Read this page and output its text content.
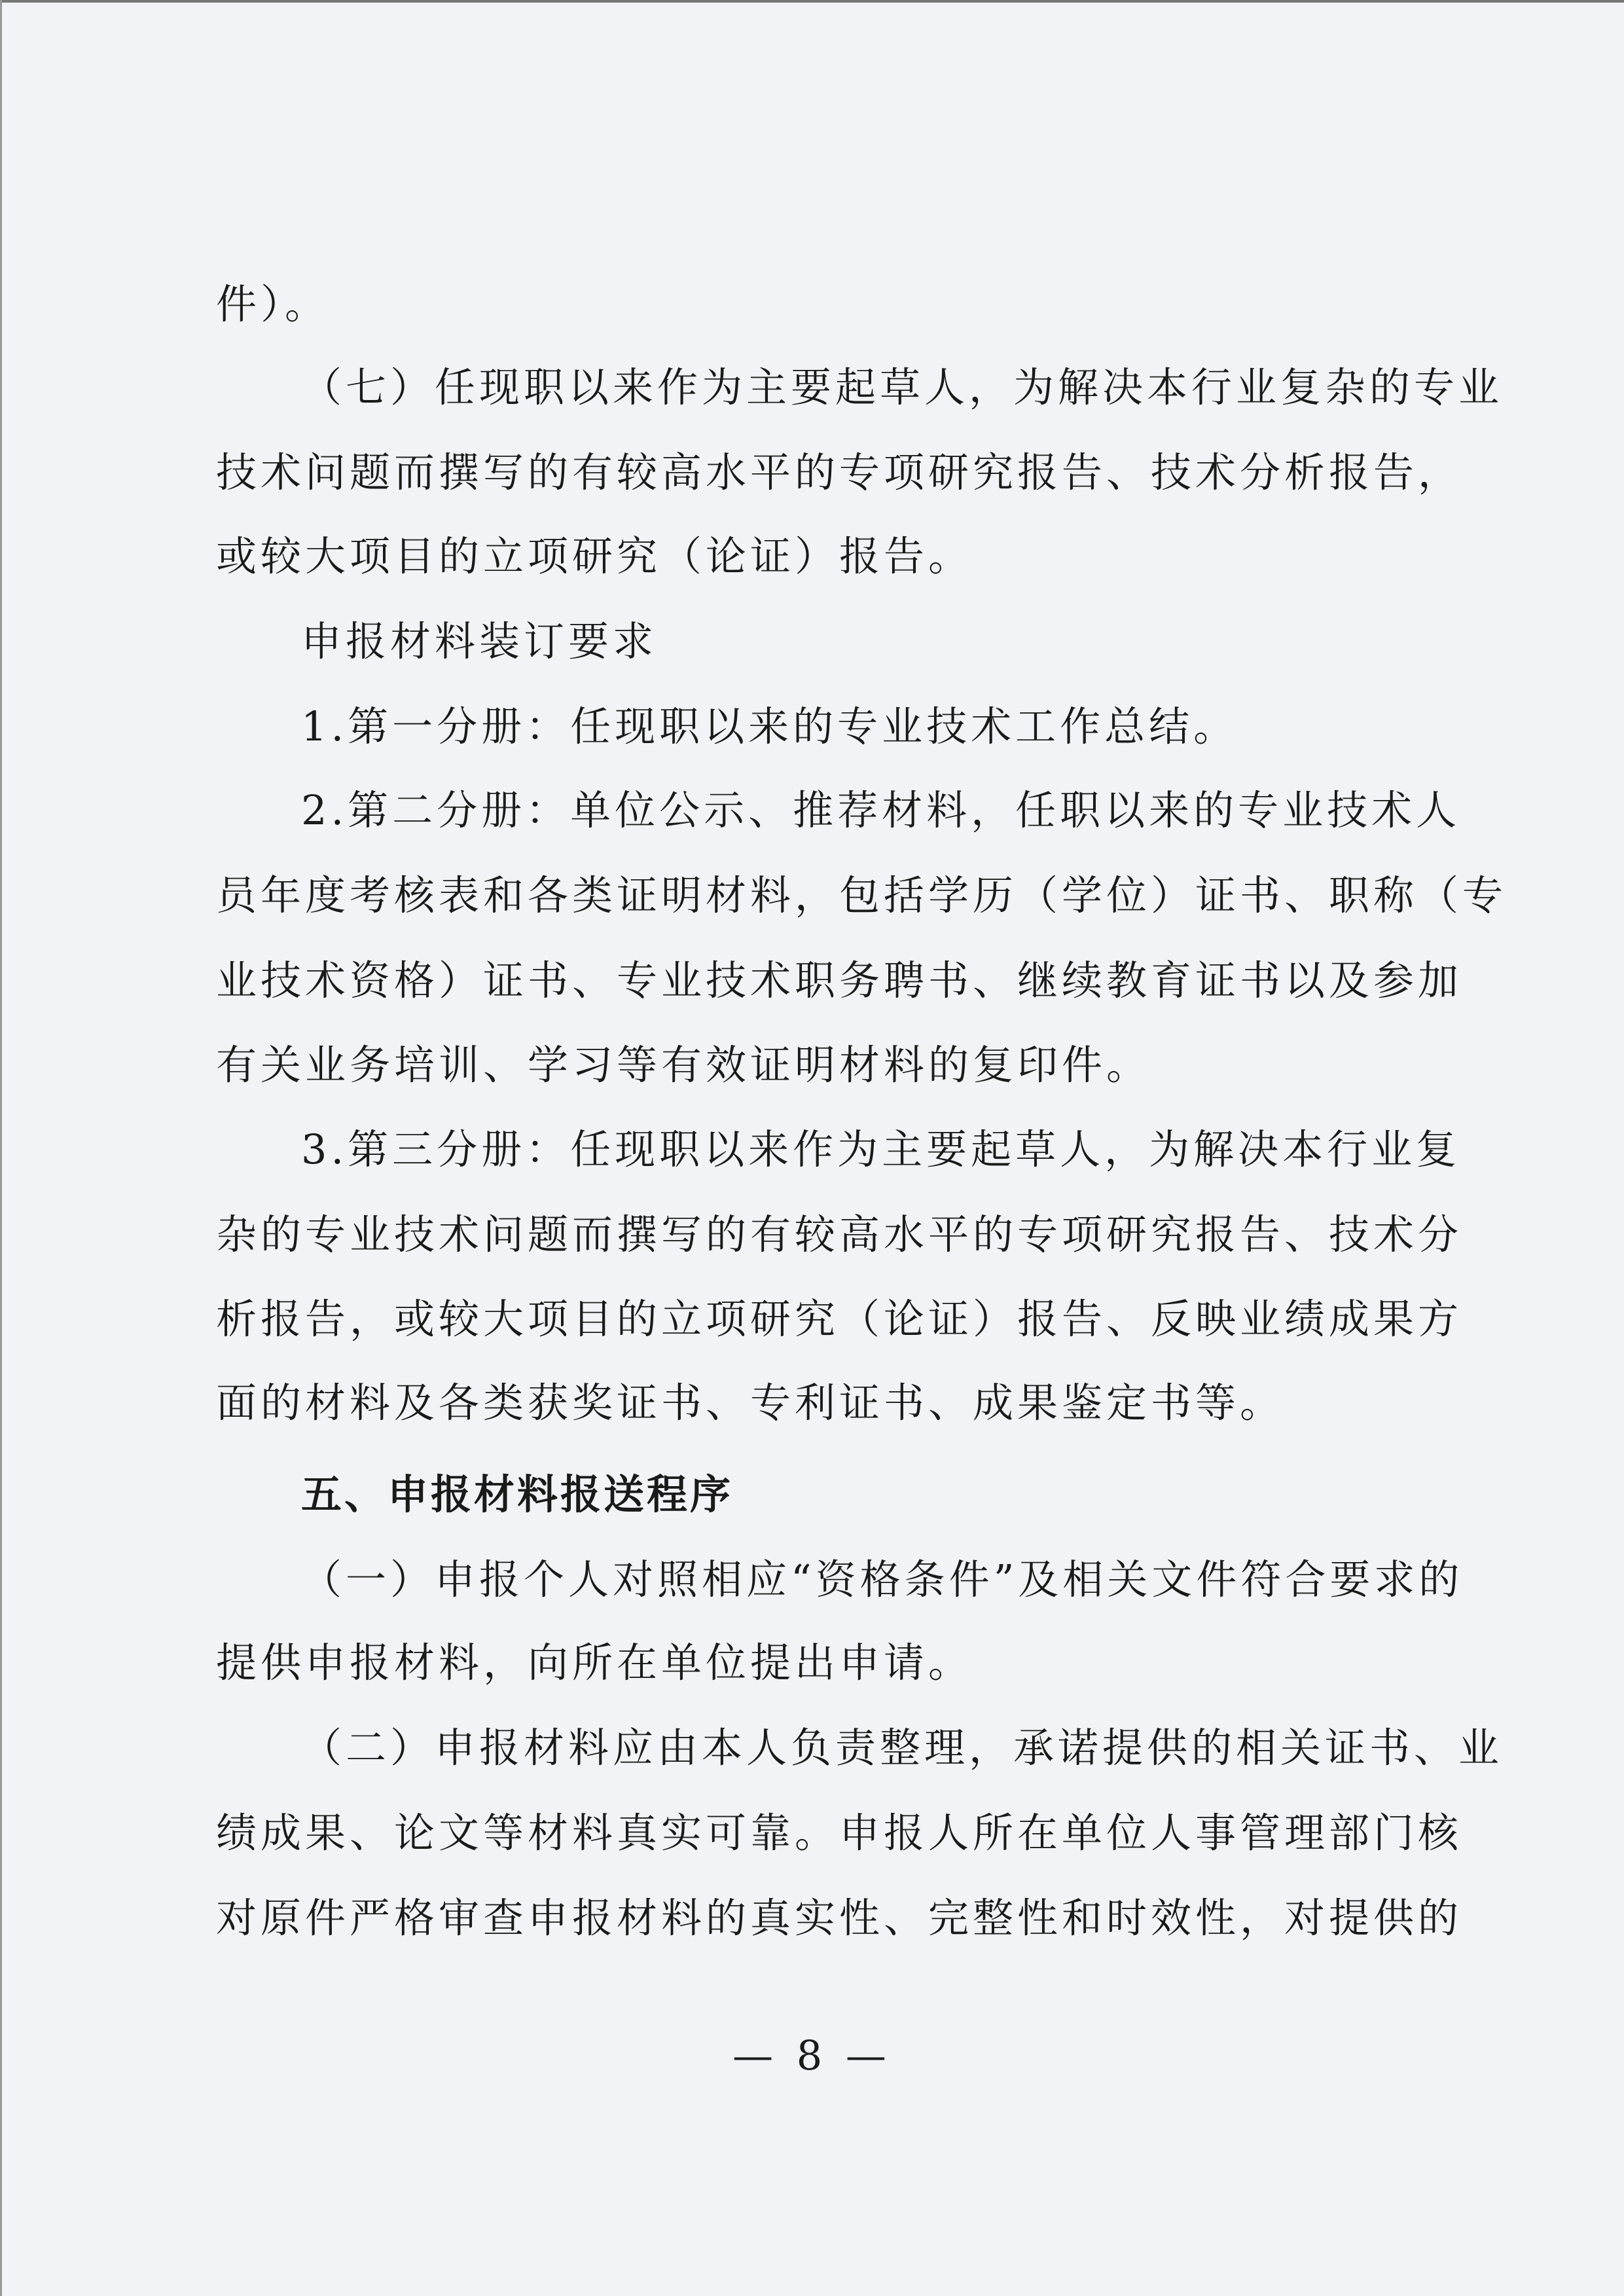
件）。
（七）任现职以来作为主要起草人，为解决本行业复杂的专业
技术问题而撰写的有较高水平的专项研究报告、技术分析报告，
或较大项目的立项研究（论证）报告。
申报材料装订要求
1.第一分册：任现职以来的专业技术工作总结。
2.第二分册：单位公示、推荐材料，任职以来的专业技术人
员年度考核表和各类证明材料，包括学历（学位）证书、职称（专
业技术资格）证书、专业技术职务聘书、继续教育证书以及参加
有关业务培训、学习等有效证明材料的复印件。
3.第三分册：任现职以来作为主要起草人，为解决本行业复
杂的专业技术问题而撰写的有较高水平的专项研究报告、技术分
析报告，或较大项目的立项研究（论证）报告、反映业绩成果方
面的材料及各类获奖证书、专利证书、成果鉴定书等。
五、申报材料报送程序
（一）申报个人对照相应“资格条件”及相关文件符合要求的
提供申报材料，向所在单位提出申请。
（二）申报材料应由本人负责整理，承诺提供的相关证书、业
绩成果、论文等材料真实可靠。申报人所在单位人事管理部门核
对原件严格审查申报材料的真实性、完整性和时效性，对提供的
— 8 —
